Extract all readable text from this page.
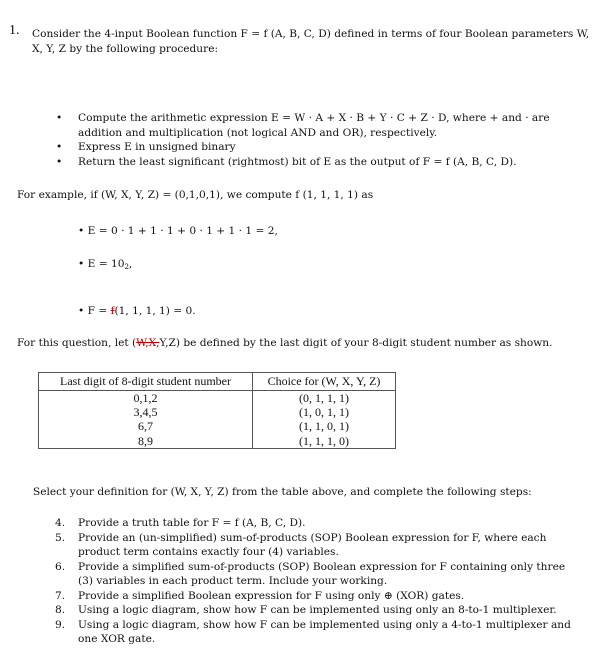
1. Consider the 4-input Boolean function F = f (A, B, C, D) defined in terms of four Boolean parameters W, X, Y, Z by the following procedure:
• Compute the arithmetic expression E = W · A + X · B + Y · C + Z · D, where + and · are addition and multiplication (not logical AND and OR), respectively.
• Express E in unsigned binary
• Return the least significant (rightmost) bit of E as the output of F = f (A, B, C, D).
For example, if (W, X, Y, Z) = (0,1,0,1), we compute f (1, 1, 1, 1) as
• E = 0 · 1 + 1 · 1 + 0 · 1 + 1 · 1 = 2,
• $E = 10_2$,
• F = f(1, 1, 1, 1) = 0.
For this question, let (W,X,Y,Z) be defined by the last digit of your 8-digit student number as shown.
Last digit of 8-digit student number	Choice for (W, X, Y, Z)
0,1,2	(0, 1, 1, 1)
3,4,5	(1, 0, 1, 1)
6,7	(1, 1, 0, 1)
8,9	(1, 1, 1, 0)
Select your definition for (W, X, Y, Z) from the table above, and complete the following steps:
4. Provide a truth table for F = f (A, B, C, D).
5. Provide an (un-simplified) sum-of-products (SOP) Boolean expression for F, where each product term contains exactly four (4) variables.
6. Provide a simplified sum-of-products (SOP) Boolean expression for F containing only three (3) variables in each product term. Include your working.
7. Provide a simplified Boolean expression for F using only ⊕ (XOR) gates.
8. Using a logic diagram, show how F can be implemented using only an 8-to-1 multiplexer.
9. Using a logic diagram, show how F can be implemented using only a 4-to-1 multiplexer and one XOR gate.
